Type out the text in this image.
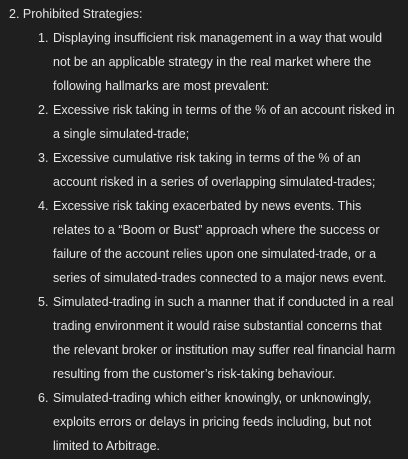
2. Prohibited Strategies:
1. Displaying insufficient risk management in a way that would not be an applicable strategy in the real market where the following hallmarks are most prevalent:
2. Excessive risk taking in terms of the % of an account risked in a single simulated-trade;
3. Excessive cumulative risk taking in terms of the % of an account risked in a series of overlapping simulated-trades;
4. Excessive risk taking exacerbated by news events. This relates to a “Boom or Bust” approach where the success or failure of the account relies upon one simulated-trade, or a series of simulated-trades connected to a major news event.
5. Simulated-trading in such a manner that if conducted in a real trading environment it would raise substantial concerns that the relevant broker or institution may suffer real financial harm resulting from the customer’s risk-taking behaviour.
6. Simulated-trading which either knowingly, or unknowingly, exploits errors or delays in pricing feeds including, but not limited to Arbitrage.
